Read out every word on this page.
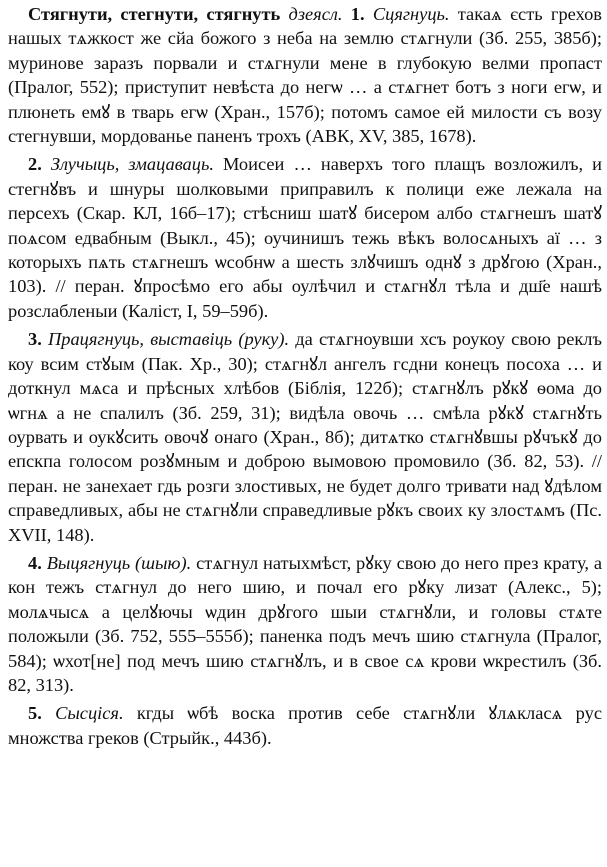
Стягнути, стегнути, стягнуть дзеясл. 1. Сцягнуць. такаѧ єсть грехов нашых тѧжкост же сйа божого з неба на землю стѧгнули (Зб. 255, 385б); муринове заразъ порвали и стѧгнули мене в глубокую велми пропаст (Пралог, 552); приступит невѣста до негѡ … а стѧгнет ботъ з ноги егѡ, и плюнеть емꙋ в тварь егѡ (Хран., 157б); потомъ самое ей милости съ возу стегнувши, мордованье паненъ трохъ (АВК, XV, 385, 1678).

2. Злучыць, змацаваць. Моисеи … наверхъ того плащъ возложилъ, и стегнꙋвъ и шнуры шолковыми приправилъ к полици еже лежала на персехъ (Скар. КЛ, 16б–17); стѣсниш шатꙋ бисером албо стѧгнешъ шатꙋ поѧсом едвабным (Выкл., 45); оучинишъ тежь вѣкъ волосѧныхъ аї … з которыхъ пѧть стѧгнешъ ѡсобнѡ а шесть злꙋчишъ однꙋ з дрꙋгою (Хран., 103). // перан. ꙋпросѣмо его абы оулѣчил и стѧгнꙋл тѣла и дш҃е нашѣ розслабленыи (Каліст, I, 59–59б).

3. Працягнуць, выставіць (руку). да стѧгноувши хсъ роукоу свою реклъ коу всим стꙋым (Пак. Хр., 30); стѧгнꙋл ангелъ гсдни конецъ посоха … и доткнул мѧса и прѣсных хлѣбов (Біблія, 122б); стѧгнꙋлъ рꙋкꙋ ѳома до ѡгнѧ а не спалилъ (Зб. 259, 31); видѣла овочь … смѣла рꙋкꙋ стѧгнꙋть оурвать и оукꙋсить овочꙋ онаго (Хран., 8б); дитѧтко стѧгнꙋвшы рꙋчъкꙋ до епскпа голосом розꙋмным и доброю вымовою промовило (Зб. 82, 53). // перан. не занехает гдь розги злостивых, не будет долго тривати над ꙋдѣлом справедливых, абы не стѧгнꙋли справедливые рꙋкъ своих ку злостѧмъ (Пс. XVII, 148).

4. Выцягнуць (шыю). стѧгнул натыхмѣст, рꙋку свою до него през крату, а кон тежъ стѧгнул до него шию, и почал его рꙋку лизат (Алекс., 5); молѧчысѧ а целꙋючы ѡдин дрꙋгого шыи стѧгнꙋли, и головы стѧте положыли (Зб. 752, 555–555б); паненка подъ мечъ шию стѧгнула (Пралог, 584); ѡхот[не] под мечъ шию стѧгнꙋлъ, и в свое сѧ крови ѡкрестилъ (Зб. 82, 313).

5. Сысціся. кгды ѡбѣ воска против себе стѧгнꙋли ꙋлѧкласѧ рус множства греков (Стрыйк., 443б).
